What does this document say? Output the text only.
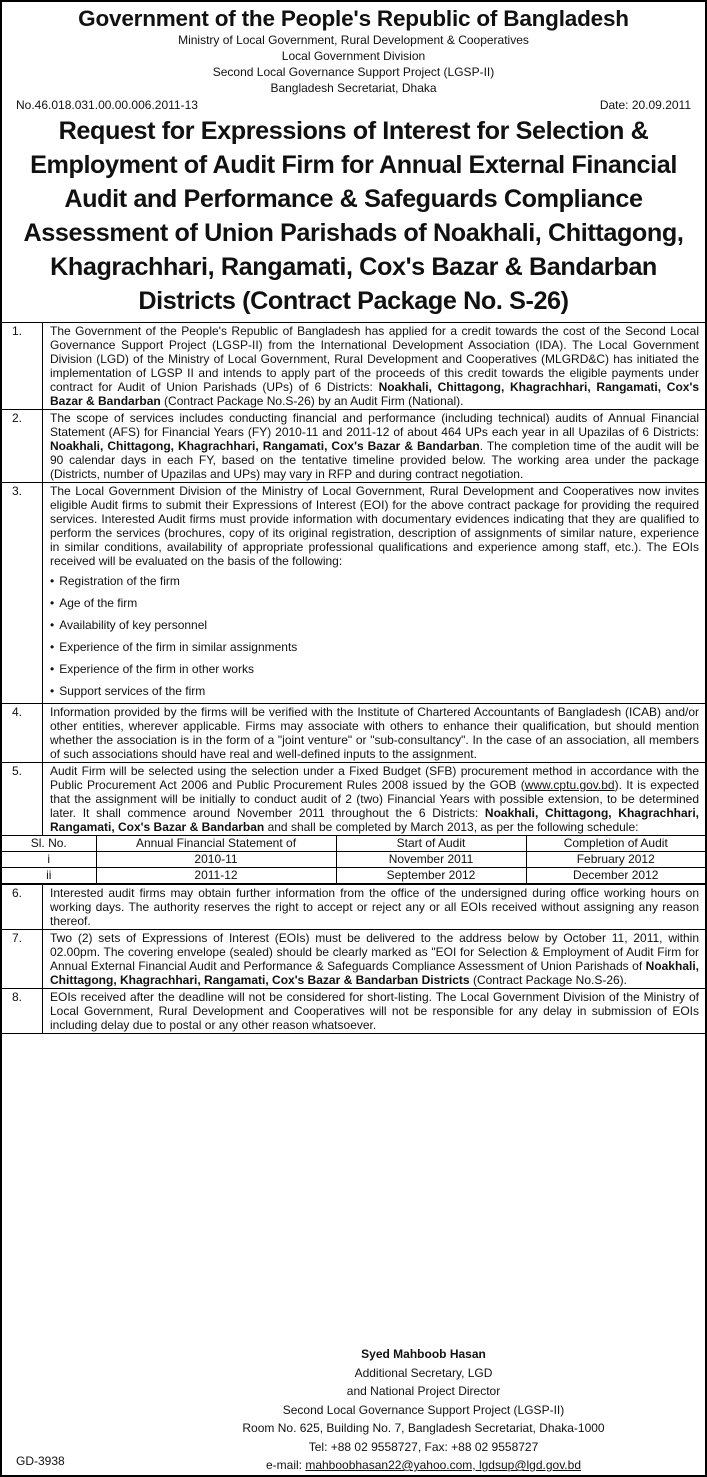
Government of the People's Republic of Bangladesh
Ministry of Local Government, Rural Development & Cooperatives
Local Government Division
Second Local Governance Support Project (LGSP-II)
Bangladesh Secretariat, Dhaka
No.46.018.031.00.00.006.2011-13	Date: 20.09.2011
Request for Expressions of Interest for Selection & Employment of Audit Firm for Annual External Financial Audit and Performance & Safeguards Compliance Assessment of Union Parishads of Noakhali, Chittagong, Khagrachhari, Rangamati, Cox's Bazar & Bandarban Districts (Contract Package No. S-26)
1.	The Government of the People's Republic of Bangladesh has applied for a credit towards the cost of the Second Local Governance Support Project (LGSP-II) from the International Development Association (IDA). The Local Government Division (LGD) of the Ministry of Local Government, Rural Development and Cooperatives (MLGRD&C) has initiated the implementation of LGSP II and intends to apply part of the proceeds of this credit towards the eligible payments under contract for Audit of Union Parishads (UPs) of 6 Districts: Noakhali, Chittagong, Khagrachhari, Rangamati, Cox's Bazar & Bandarban (Contract Package No.S-26) by an Audit Firm (National).
2.	The scope of services includes conducting financial and performance (including technical) audits of Annual Financial Statement (AFS) for Financial Years (FY) 2010-11 and 2011-12 of about 464 UPs each year in all Upazilas of 6 Districts: Noakhali, Chittagong, Khagrachhari, Rangamati, Cox's Bazar & Bandarban. The completion time of the audit will be 90 calendar days in each FY, based on the tentative timeline provided below. The working area under the package (Districts, number of Upazilas and UPs) may vary in RFP and during contract negotiation.
3.	The Local Government Division of the Ministry of Local Government, Rural Development and Cooperatives now invites eligible Audit firms to submit their Expressions of Interest (EOI) for the above contract package for providing the required services. Interested Audit firms must provide information with documentary evidences indicating that they are qualified to perform the services (brochures, copy of its original registration, description of assignments of similar nature, experience in similar conditions, availability of appropriate professional qualifications and experience among staff, etc.). The EOIs received will be evaluated on the basis of the following:
• Registration of the firm
• Age of the firm
• Availability of key personnel
• Experience of the firm in similar assignments
• Experience of the firm in other works
• Support services of the firm
4.	Information provided by the firms will be verified with the Institute of Chartered Accountants of Bangladesh (ICAB) and/or other entities, wherever applicable. Firms may associate with others to enhance their qualification, but should mention whether the association is in the form of a "joint venture" or "sub-consultancy". In the case of an association, all members of such associations should have real and well-defined inputs to the assignment.
5.	Audit Firm will be selected using the selection under a Fixed Budget (SFB) procurement method in accordance with the Public Procurement Act 2006 and Public Procurement Rules 2008 issued by the GOB (www.cptu.gov.bd). It is expected that the assignment will be initially to conduct audit of 2 (two) Financial Years with possible extension, to be determined later. It shall commence around November 2011 throughout the 6 Districts: Noakhali, Chittagong, Khagrachhari, Rangamati, Cox's Bazar & Bandarban and shall be completed by March 2013, as per the following schedule:
Sl. No.	Annual Financial Statement of	Start of Audit	Completion of Audit
i	2010-11	November 2011	February 2012
ii	2011-12	September 2012	December 2012
6.	Interested audit firms may obtain further information from the office of the undersigned during office working hours on working days. The authority reserves the right to accept or reject any or all EOIs received without assigning any reason thereof.
7.	Two (2) sets of Expressions of Interest (EOIs) must be delivered to the address below by October 11, 2011, within 02.00pm. The covering envelope (sealed) should be clearly marked as "EOI for Selection & Employment of Audit Firm for Annual External Financial Audit and Performance & Safeguards Compliance Assessment of Union Parishads of Noakhali, Chittagong, Khagrachhari, Rangamati, Cox's Bazar & Bandarban Districts (Contract Package No.S-26).
8.	EOIs received after the deadline will not be considered for short-listing. The Local Government Division of the Ministry of Local Government, Rural Development and Cooperatives will not be responsible for any delay in submission of EOIs including delay due to postal or any other reason whatsoever.
Syed Mahboob Hasan
Additional Secretary, LGD
and National Project Director
Second Local Governance Support Project (LGSP-II)
Room No. 625, Building No. 7, Bangladesh Secretariat, Dhaka-1000
Tel: +88 02 9558727, Fax: +88 02 9558727
e-mail: mahboobhasan22@yahoo.com, lgdsup@lgd.gov.bd
GD-3938
